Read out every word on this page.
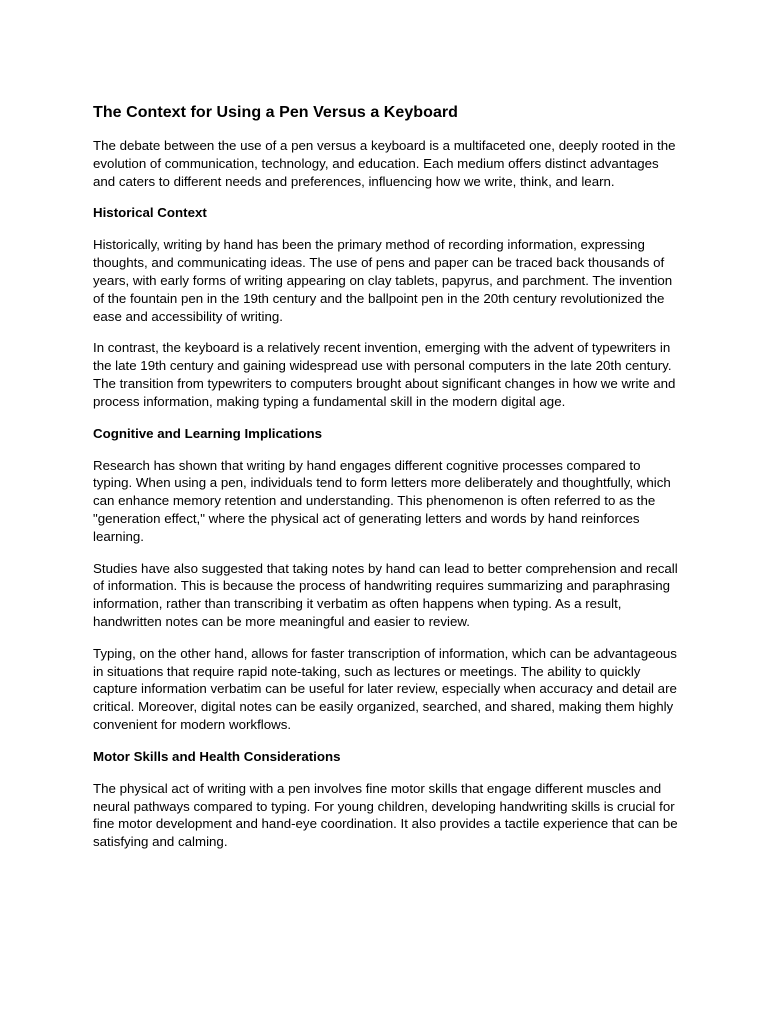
The Context for Using a Pen Versus a Keyboard

The debate between the use of a pen versus a keyboard is a multifaceted one, deeply rooted in the evolution of communication, technology, and education. Each medium offers distinct advantages and caters to different needs and preferences, influencing how we write, think, and learn.

Historical Context

Historically, writing by hand has been the primary method of recording information, expressing thoughts, and communicating ideas. The use of pens and paper can be traced back thousands of years, with early forms of writing appearing on clay tablets, papyrus, and parchment. The invention of the fountain pen in the 19th century and the ballpoint pen in the 20th century revolutionized the ease and accessibility of writing.

In contrast, the keyboard is a relatively recent invention, emerging with the advent of typewriters in the late 19th century and gaining widespread use with personal computers in the late 20th century. The transition from typewriters to computers brought about significant changes in how we write and process information, making typing a fundamental skill in the modern digital age.

Cognitive and Learning Implications

Research has shown that writing by hand engages different cognitive processes compared to typing. When using a pen, individuals tend to form letters more deliberately and thoughtfully, which can enhance memory retention and understanding. This phenomenon is often referred to as the "generation effect," where the physical act of generating letters and words by hand reinforces learning.

Studies have also suggested that taking notes by hand can lead to better comprehension and recall of information. This is because the process of handwriting requires summarizing and paraphrasing information, rather than transcribing it verbatim as often happens when typing. As a result, handwritten notes can be more meaningful and easier to review.

Typing, on the other hand, allows for faster transcription of information, which can be advantageous in situations that require rapid note-taking, such as lectures or meetings. The ability to quickly capture information verbatim can be useful for later review, especially when accuracy and detail are critical. Moreover, digital notes can be easily organized, searched, and shared, making them highly convenient for modern workflows.

Motor Skills and Health Considerations

The physical act of writing with a pen involves fine motor skills that engage different muscles and neural pathways compared to typing. For young children, developing handwriting skills is crucial for fine motor development and hand-eye coordination. It also provides a tactile experience that can be satisfying and calming.
